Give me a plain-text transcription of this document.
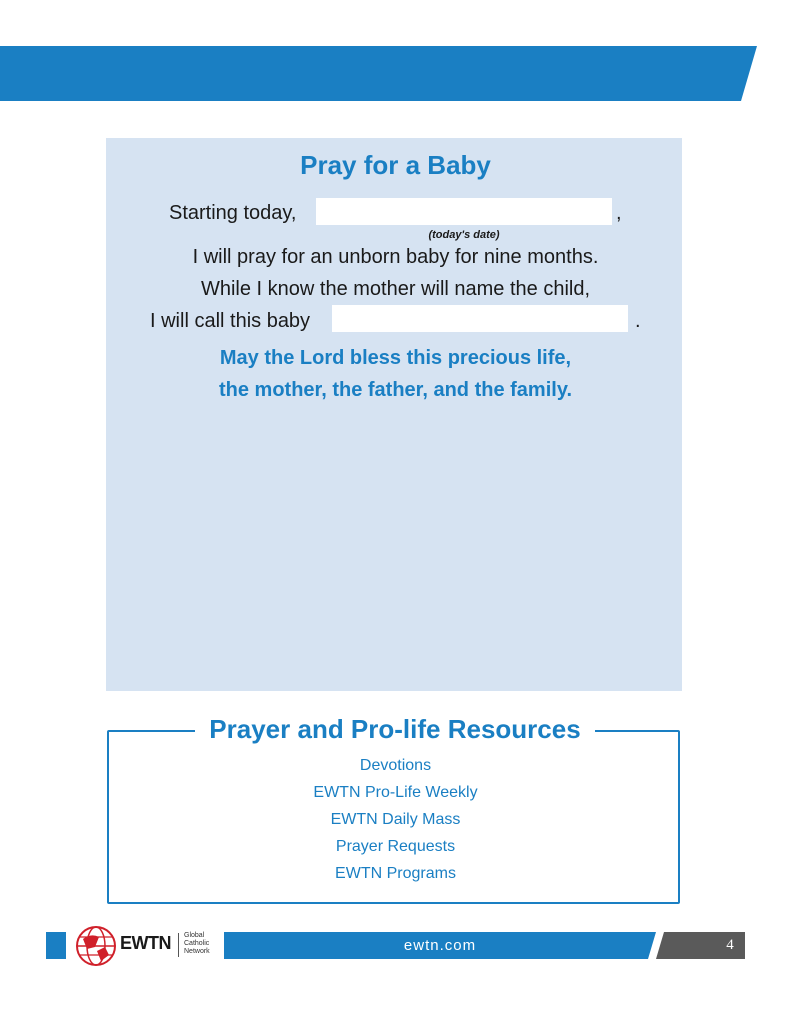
NINE MONTHS OF PRAYER
Pray for a Baby
Starting today,	,
(today's date)
I will pray for an unborn baby for nine months.
While I know the mother will name the child,
I will call this baby	.
May the Lord bless this precious life,
the mother, the father, and the family.
Prayer and Pro-life Resources
Devotions
EWTN Pro-Life Weekly
EWTN Daily Mass
Prayer Requests
EWTN Programs
EWTN Global
Catholic
Network	ewtn.com	4
